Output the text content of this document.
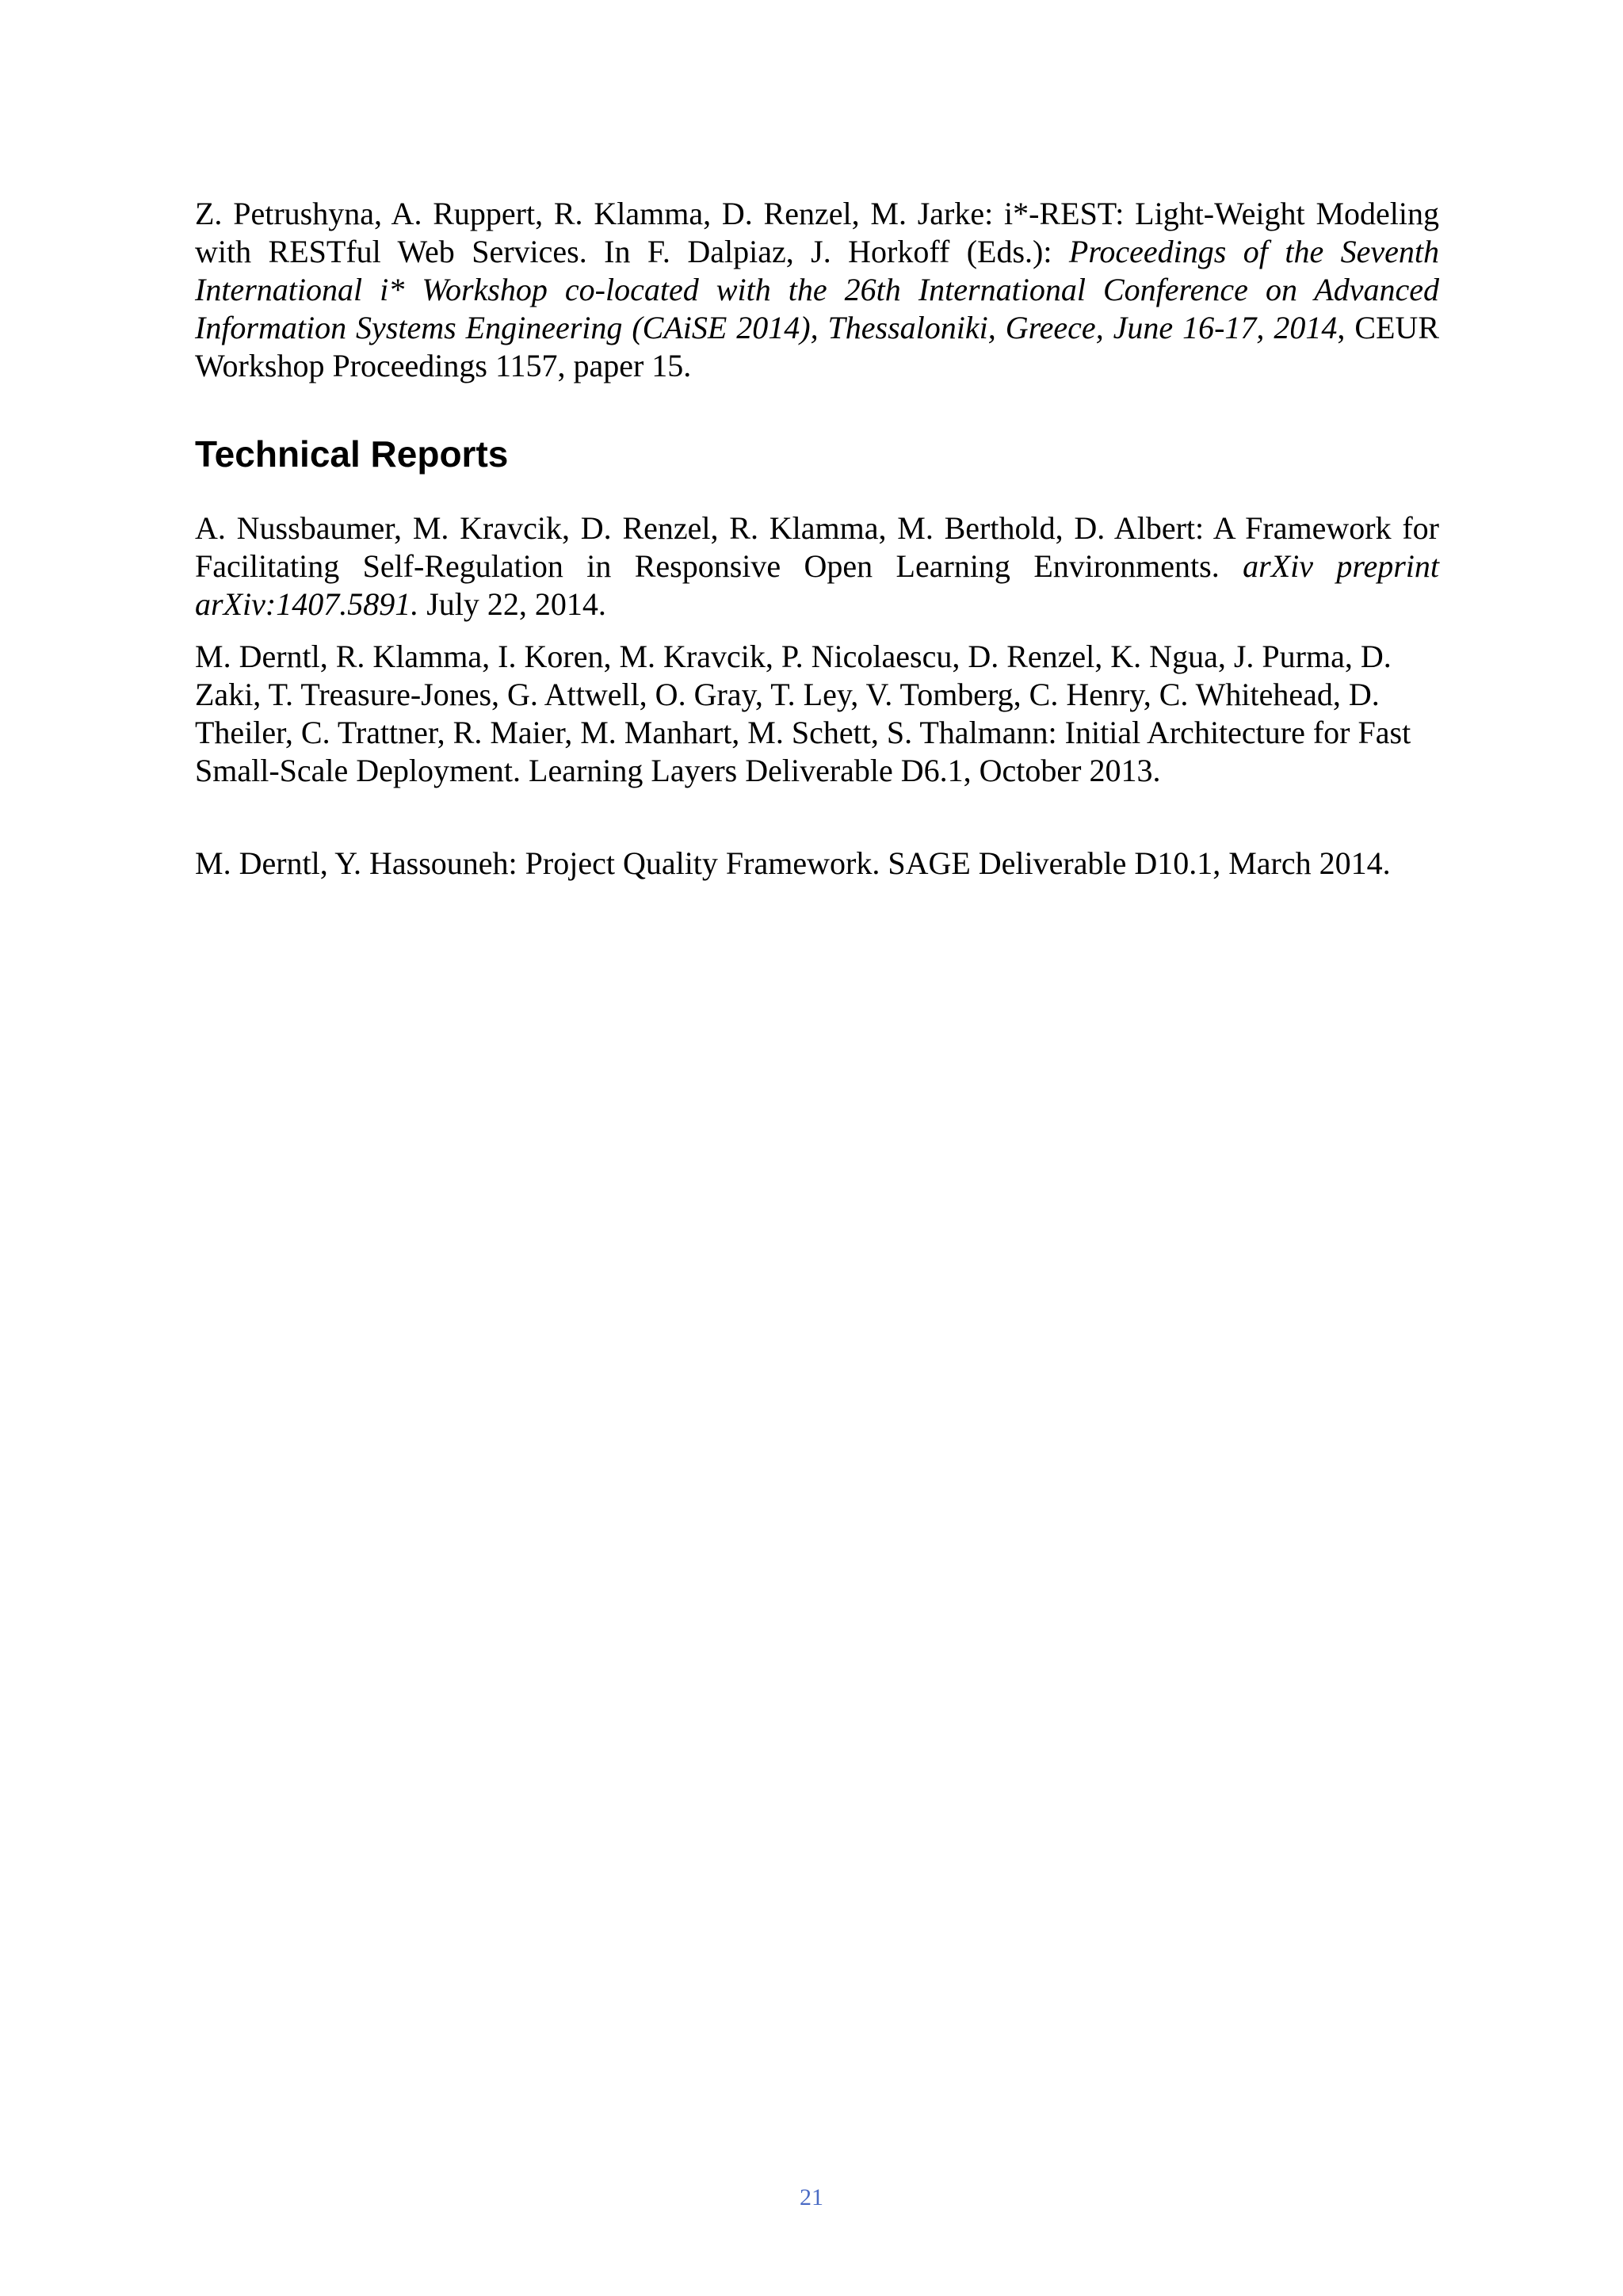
Z. Petrushyna, A. Ruppert, R. Klamma, D. Renzel, M. Jarke: i*-REST: Light-Weight Modeling with RESTful Web Services. In F. Dalpiaz, J. Horkoff (Eds.): Proceedings of the Seventh International i* Workshop co-located with the 26th International Conference on Advanced Information Systems Engineering (CAiSE 2014), Thessaloniki, Greece, June 16-17, 2014, CEUR Workshop Proceedings 1157, paper 15.

Technical Reports

A. Nussbaumer, M. Kravcik, D. Renzel, R. Klamma, M. Berthold, D. Albert: A Framework for Facilitating Self-Regulation in Responsive Open Learning Environments. arXiv preprint arXiv:1407.5891. July 22, 2014.

M. Derntl, R. Klamma, I. Koren, M. Kravcik, P. Nicolaescu, D. Renzel, K. Ngua, J. Purma, D. Zaki, T. Treasure-Jones, G. Attwell, O. Gray, T. Ley, V. Tomberg, C. Henry, C. Whitehead, D. Theiler, C. Trattner, R. Maier, M. Manhart, M. Schett, S. Thalmann: Initial Architecture for Fast Small-Scale Deployment. Learning Layers Deliverable D6.1, October 2013.

M. Derntl, Y. Hassouneh: Project Quality Framework. SAGE Deliverable D10.1, March 2014.

21
